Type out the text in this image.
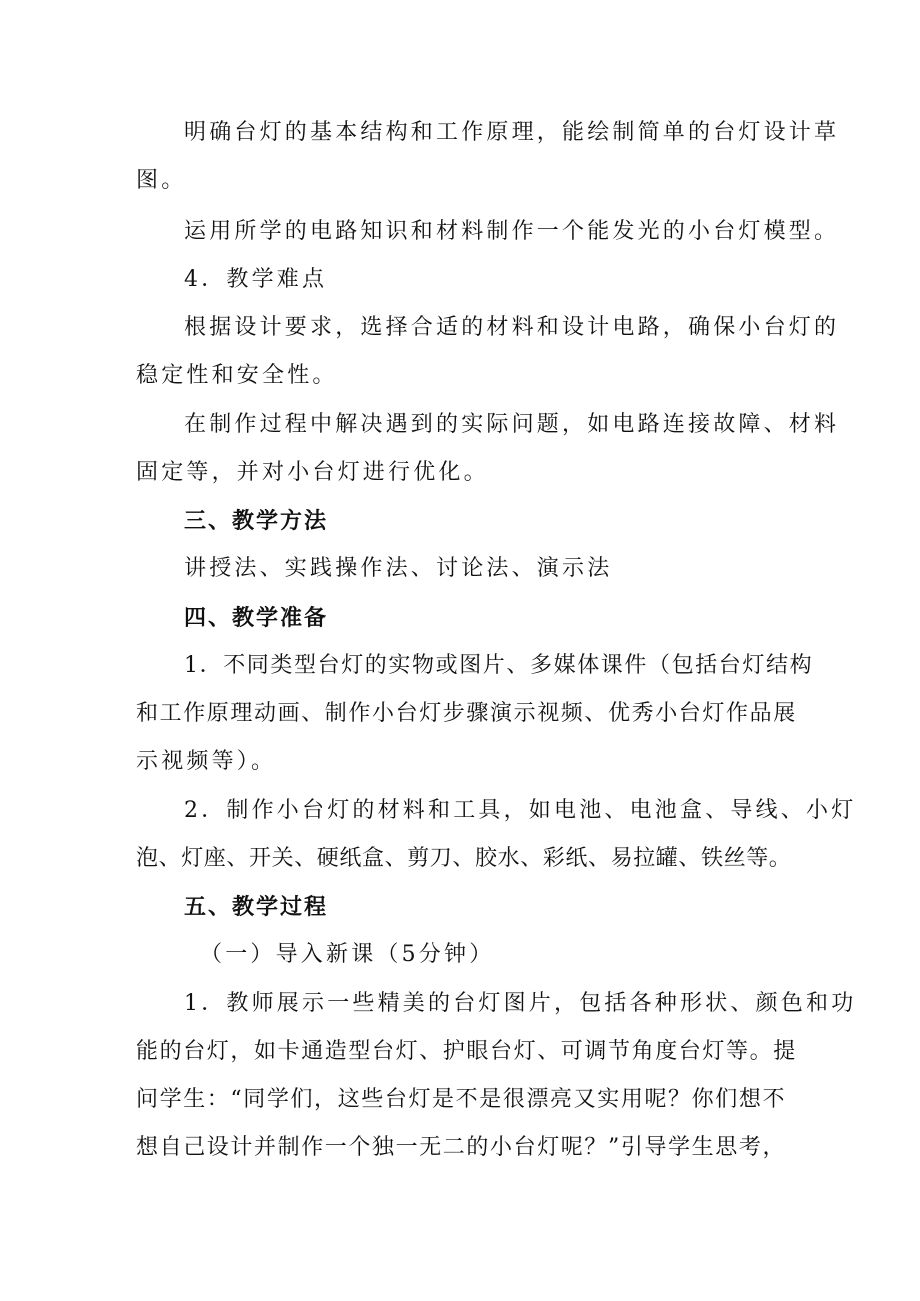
明确台灯的基本结构和工作原理，能绘制简单的台灯设计草
图。
运用所学的电路知识和材料制作一个能发光的小台灯模型。
4．教学难点
根据设计要求，选择合适的材料和设计电路，确保小台灯的
稳定性和安全性。
在制作过程中解决遇到的实际问题，如电路连接故障、材料
固定等，并对小台灯进行优化。
三、教学方法
讲授法、实践操作法、讨论法、演示法
四、教学准备
1．不同类型台灯的实物或图片、多媒体课件（包括台灯结构
和工作原理动画、制作小台灯步骤演示视频、优秀小台灯作品展
示视频等）。
2．制作小台灯的材料和工具，如电池、电池盒、导线、小灯
泡、灯座、开关、硬纸盒、剪刀、胶水、彩纸、易拉罐、铁丝等。
五、教学过程
（一）导入新课（5分钟）
1．教师展示一些精美的台灯图片，包括各种形状、颜色和功
能的台灯，如卡通造型台灯、护眼台灯、可调节角度台灯等。提
问学生：“同学们，这些台灯是不是很漂亮又实用呢？你们想不
想自己设计并制作一个独一无二的小台灯呢？”引导学生思考，
